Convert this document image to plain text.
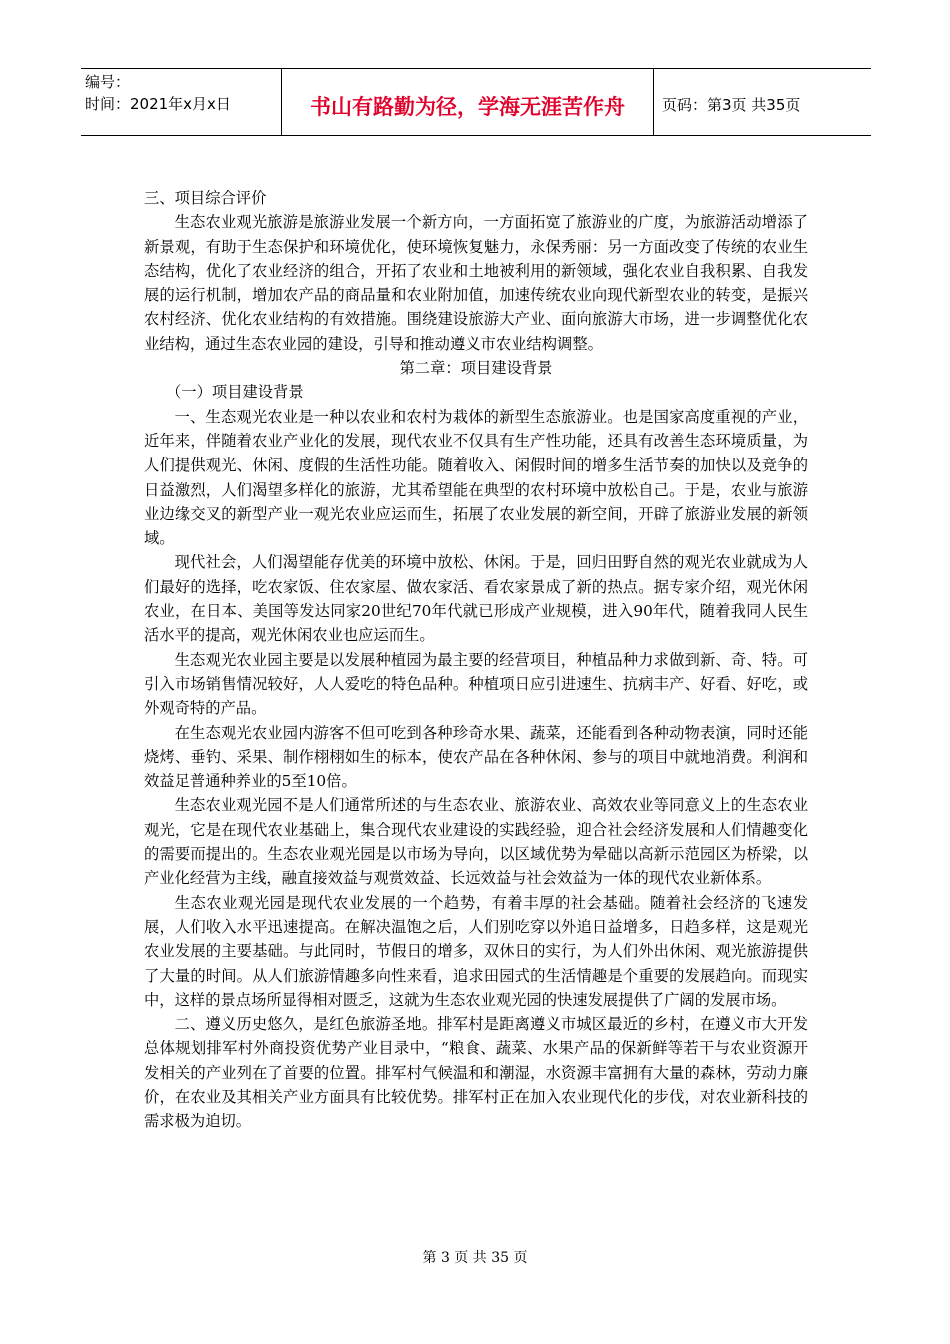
编号：
时间：2021年x月x日	书山有路勤为径，学海无涯苦作舟 页码：第3页 共35页

三、项目综合评价

生态农业观光旅游是旅游业发展一个新方向，一方面拓宽了旅游业的广度，为旅游活动增添了新景观，有助于生态保护和环境优化，使环境恢复魅力，永保秀丽：另一方面改变了传统的农业生态结构，优化了农业经济的组合，开拓了农业和土地被利用的新领域，强化农业自我积累、自我发展的运行机制，增加农产品的商品量和农业附加值，加速传统农业向现代新型农业的转变，是振兴农村经济、优化农业结构的有效措施。围绕建设旅游大产业、面向旅游大市场，进一步调整优化农业结构，通过生态农业园的建设，引导和推动遵义市农业结构调整。

第二章：项目建设背景

（一）项目建设背景

一、生态观光农业是一种以农业和农村为栽体的新型生态旅游业。也是国家高度重视的产业，近年来，伴随着农业产业化的发展，现代农业不仅具有生产性功能，还具有改善生态环境质量，为人们提供观光、休闲、度假的生活性功能。随着收入、闲假时间的增多生活节奏的加快以及竞争的日益激烈，人们渴望多样化的旅游，尤其希望能在典型的农村环境中放松自己。于是，农业与旅游业边缘交叉的新型产业一观光农业应运而生，拓展了农业发展的新空间，开辟了旅游业发展的新领域。

现代社会，人们渴望能存优美的环境中放松、休闲。于是，回归田野自然的观光农业就成为人们最好的选择，吃农家饭、住农家屋、做农家活、看农家景成了新的热点。据专家介绍，观光休闲农业，在日本、美国等发达同家20世纪70年代就已形成产业规模，进入90年代，随着我同人民生活水平的提高，观光休闲农业也应运而生。

生态观光农业园主要是以发展种植园为最主要的经营项目，种植品种力求做到新、奇、特。可引入市场销售情况较好，人人爱吃的特色品种。种植项日应引进速生、抗病丰产、好看、好吃，或外观奇特的产品。

在生态观光农业园内游客不但可吃到各种珍奇水果、蔬菜，还能看到各种动物表演，同时还能烧烤、垂钓、采果、制作栩栩如生的标本，使农产品在各种休闲、参与的项目中就地消费。利润和效益足普通种养业的5至10倍。

生态农业观光园不是人们通常所述的与生态农业、旅游农业、高效农业等同意义上的生态农业观光，它是在现代农业基础上，集合现代农业建设的实践经验，迎合社会经济发展和人们情趣变化的需要而提出的。生态农业观光园是以市场为导向，以区域优势为晕础以高新示范园区为桥梁，以产业化经营为主线，融直接效益与观赏效益、长远效益与社会效益为一体的现代农业新体系。

生态农业观光园是现代农业发展的一个趋势，有着丰厚的社会基础。随着社会经济的飞速发展，人们收入水平迅速提高。在解决温饱之后，人们别吃穿以外追日益增多，日趋多样，这是观光农业发展的主要基础。与此同时，节假日的增多，双休日的实行，为人们外出休闲、观光旅游提供了大量的时间。从人们旅游情趣多向性来看，追求田园式的生活情趣是个重要的发展趋向。而现实中，这样的景点场所显得相对匮乏，这就为生态农业观光园的快速发展提供了广阔的发展市场。

二、遵义历史悠久，是红色旅游圣地。排军村是距离遵义市城区最近的乡村，在遵义市大开发总体规划排军村外商投资优势产业目录中，“粮食、蔬菜、水果产品的保新鲜等若干与农业资源开发相关的产业列在了首要的位置。排军村气候温和和潮湿，水资源丰富拥有大量的森林，劳动力廉价，在农业及其相关产业方面具有比较优势。排军村正在加入农业现代化的步伐，对农业新科技的需求极为迫切。

第 3 页 共 35 页
